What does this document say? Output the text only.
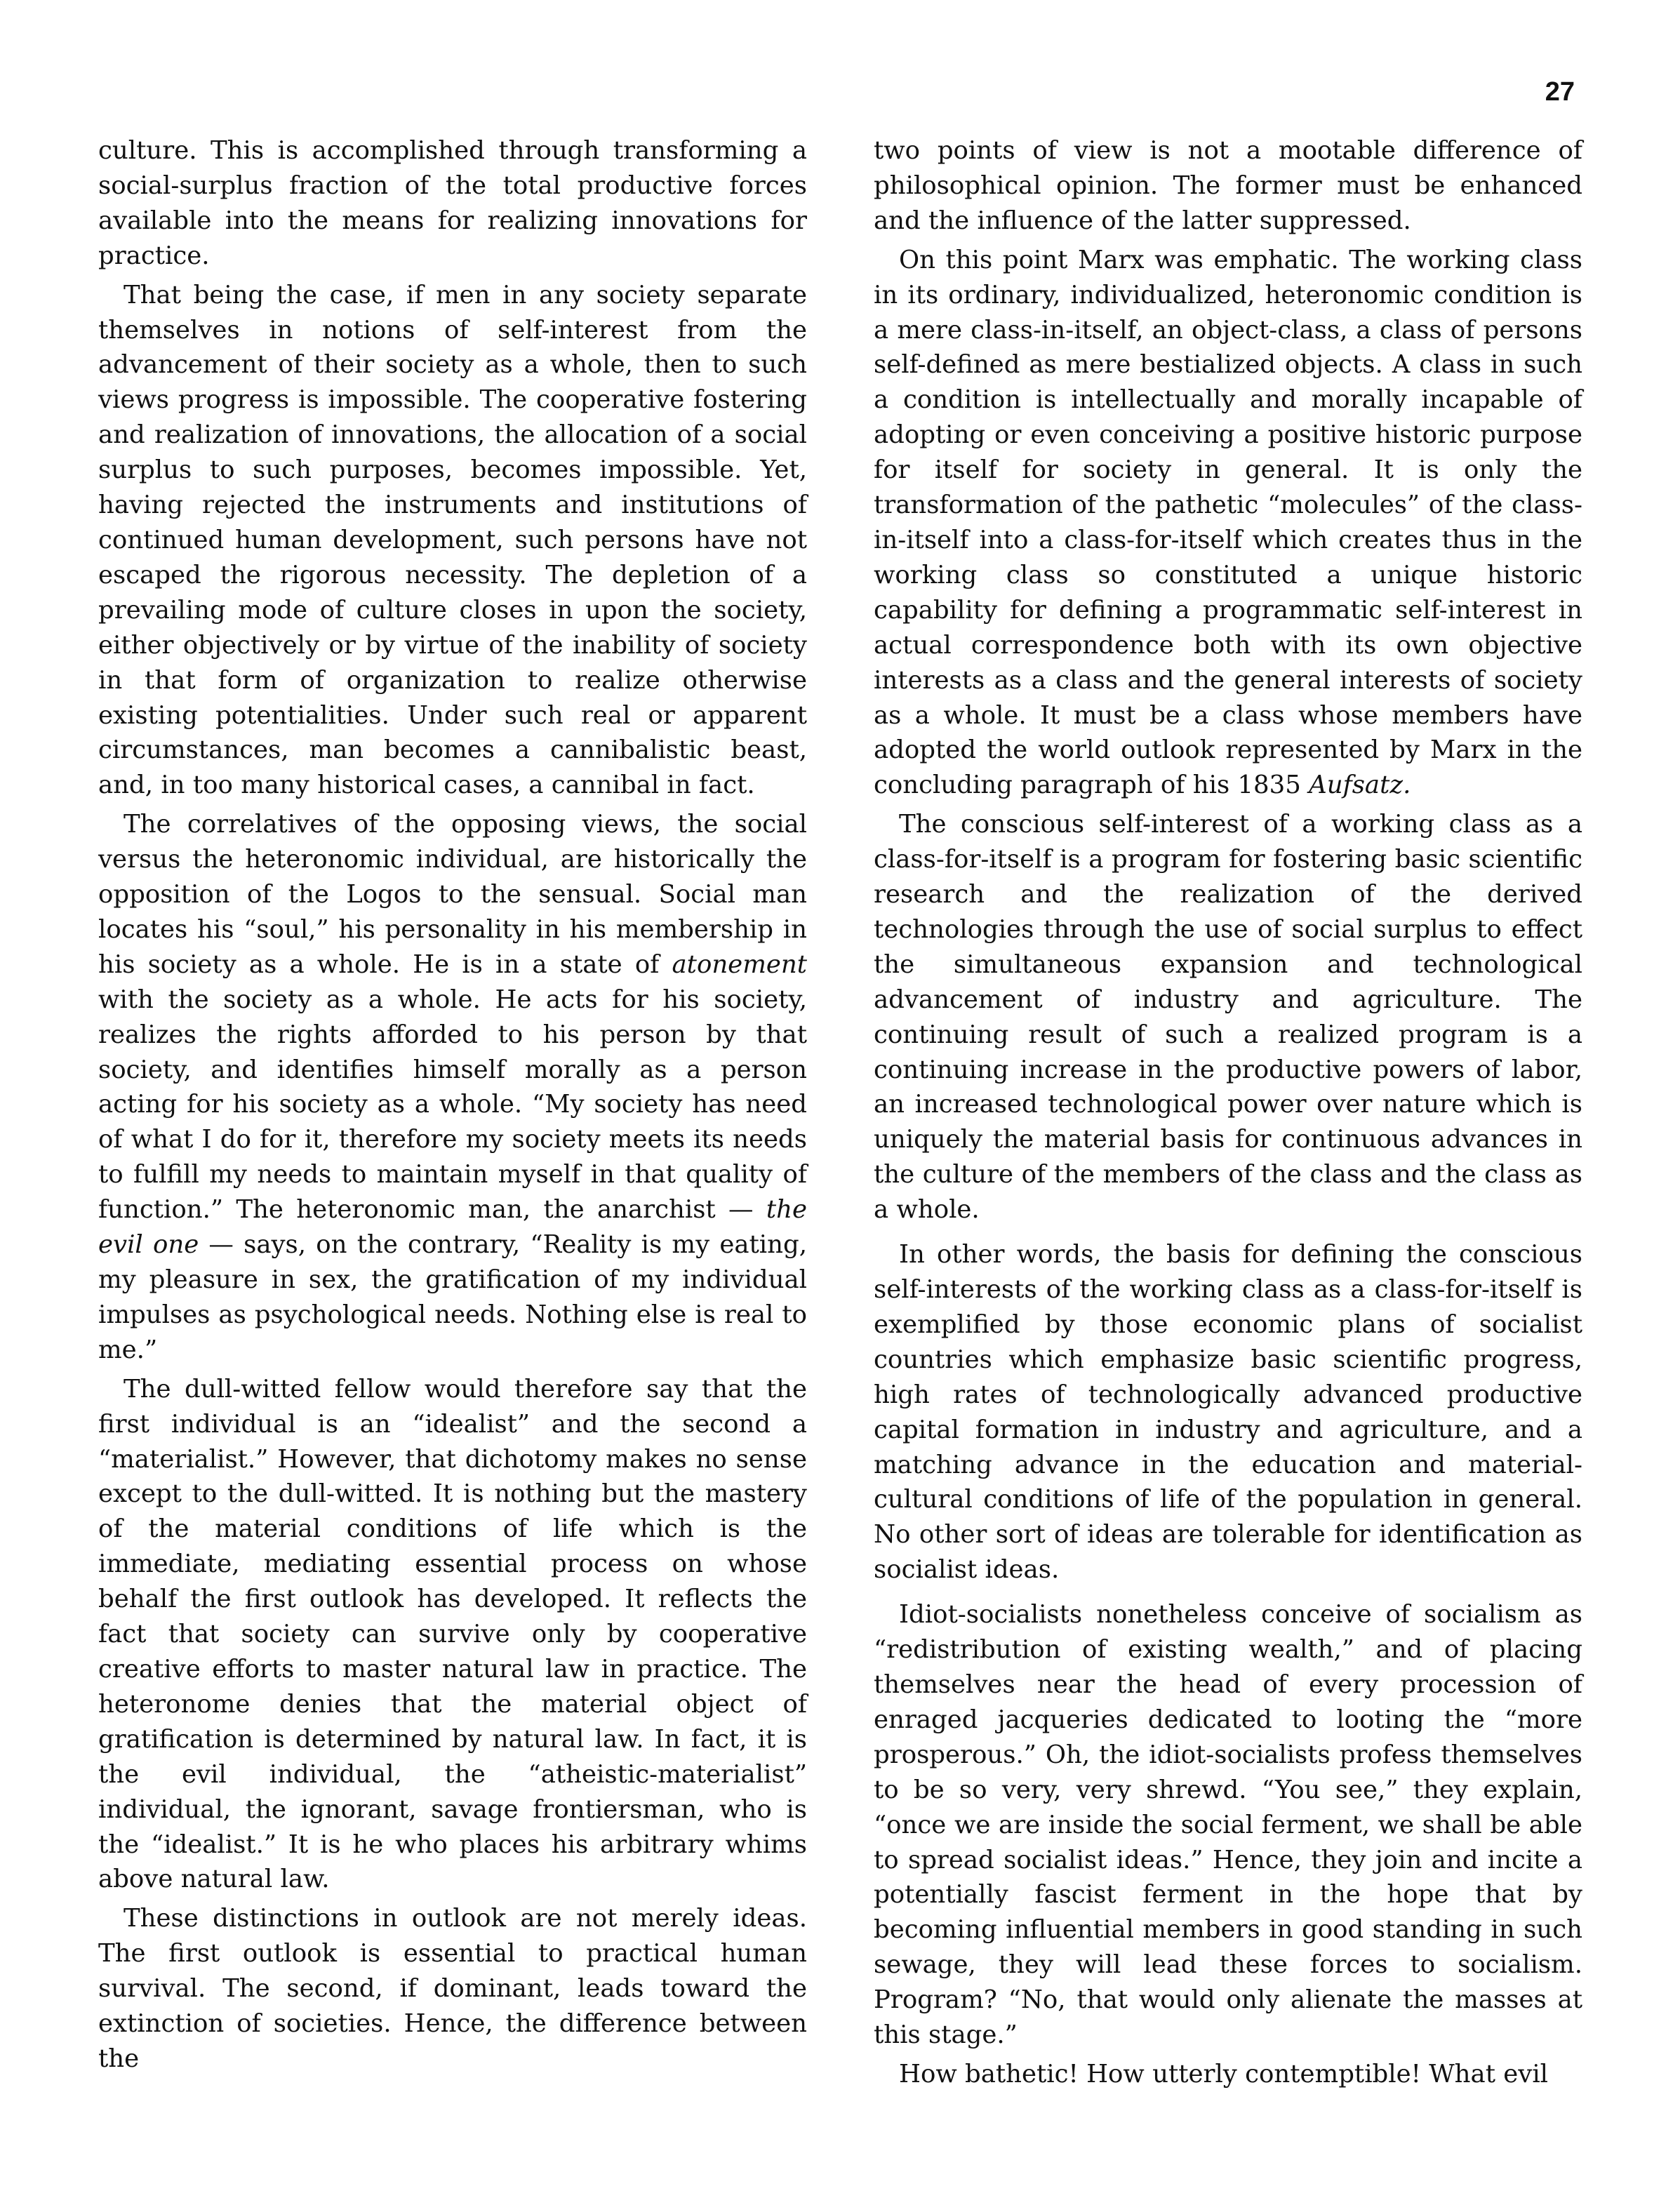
27

culture. This is accomplished through transforming a social-surplus fraction of the total productive forces available into the means for realizing innovations for practice.

That being the case, if men in any society separate themselves in notions of self-interest from the advancement of their society as a whole, then to such views progress is impossible. The cooperative fostering and realization of innovations, the allocation of a social surplus to such purposes, becomes impossible. Yet, having rejected the instruments and institutions of continued human development, such persons have not escaped the rigorous necessity. The depletion of a prevailing mode of culture closes in upon the society, either objectively or by virtue of the inability of society in that form of organization to realize otherwise existing potentialities. Under such real or apparent circumstances, man becomes a cannibalistic beast, and, in too many historical cases, a cannibal in fact.

The correlatives of the opposing views, the social versus the heteronomic individual, are historically the opposition of the Logos to the sensual. Social man locates his “soul,” his personality in his membership in his society as a whole. He is in a state of atonement with the society as a whole. He acts for his society, realizes the rights afforded to his person by that society, and identifies himself morally as a person acting for his society as a whole. “My society has need of what I do for it, therefore my society meets its needs to fulfill my needs to maintain myself in that quality of function.” The heteronomic man, the anarchist — the evil one — says, on the contrary, “Reality is my eating, my pleasure in sex, the gratification of my individual impulses as psychological needs. Nothing else is real to me.”

The dull-witted fellow would therefore say that the first individual is an “idealist” and the second a “materialist.” However, that dichotomy makes no sense except to the dull-witted. It is nothing but the mastery of the material conditions of life which is the immediate, mediating essential process on whose behalf the first outlook has developed. It reflects the fact that society can survive only by cooperative creative efforts to master natural law in practice. The heteronome denies that the material object of gratification is determined by natural law. In fact, it is the evil individual, the “atheistic-materialist” individual, the ignorant, savage frontiersman, who is the “idealist.” It is he who places his arbitrary whims above natural law.

These distinctions in outlook are not merely ideas. The first outlook is essential to practical human survival. The second, if dominant, leads toward the extinction of societies. Hence, the difference between the

two points of view is not a mootable difference of philosophical opinion. The former must be enhanced and the influence of the latter suppressed.

On this point Marx was emphatic. The working class in its ordinary, individualized, heteronomic condition is a mere class-in-itself, an object-class, a class of persons self-defined as mere bestialized objects. A class in such a condition is intellectually and morally incapable of adopting or even conceiving a positive historic purpose for itself for society in general. It is only the transformation of the pathetic “molecules” of the class-in-itself into a class-for-itself which creates thus in the working class so constituted a unique historic capability for defining a programmatic self-interest in actual correspondence both with its own objective interests as a class and the general interests of society as a whole. It must be a class whose members have adopted the world outlook represented by Marx in the concluding paragraph of his 1835 Aufsatz.

The conscious self-interest of a working class as a class-for-itself is a program for fostering basic scientific research and the realization of the derived technologies through the use of social surplus to effect the simultaneous expansion and technological advancement of industry and agriculture. The continuing result of such a realized program is a continuing increase in the productive powers of labor, an increased technological power over nature which is uniquely the material basis for continuous advances in the culture of the members of the class and the class as a whole.

In other words, the basis for defining the conscious self-interests of the working class as a class-for-itself is exemplified by those economic plans of socialist countries which emphasize basic scientific progress, high rates of technologically advanced productive capital formation in industry and agriculture, and a matching advance in the education and material-cultural conditions of life of the population in general. No other sort of ideas are tolerable for identification as socialist ideas.

Idiot-socialists nonetheless conceive of socialism as “redistribution of existing wealth,” and of placing themselves near the head of every procession of enraged jacqueries dedicated to looting the “more prosperous.” Oh, the idiot-socialists profess themselves to be so very, very shrewd. “You see,” they explain, “once we are inside the social ferment, we shall be able to spread socialist ideas.” Hence, they join and incite a potentially fascist ferment in the hope that by becoming influential members in good standing in such sewage, they will lead these forces to socialism. Program? “No, that would only alienate the masses at this stage.”

How bathetic! How utterly contemptible! What evil
